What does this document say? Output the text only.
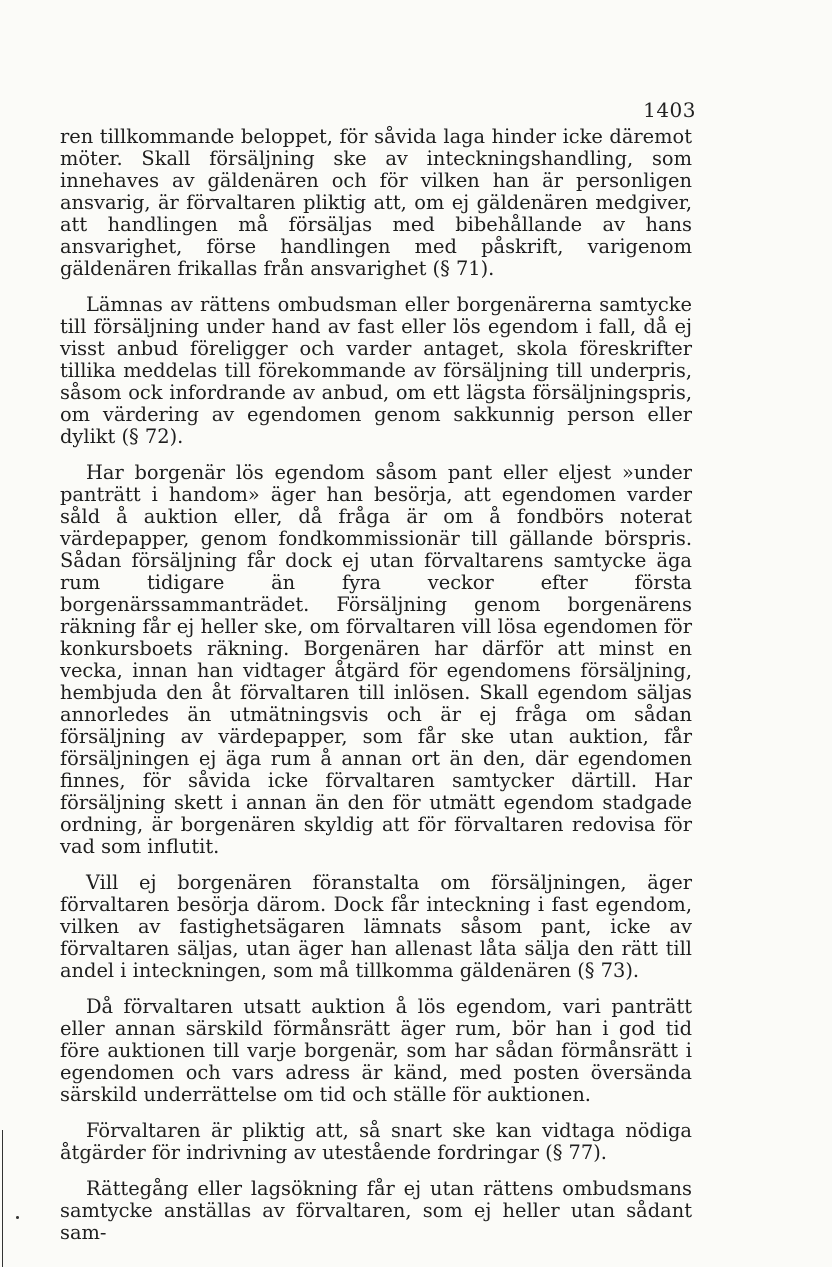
1403

ren tillkommande beloppet, för såvida laga hinder icke däremot möter. Skall försäljning ske av inteckningshandling, som innehaves av gäldenären och för vilken han är personligen ansvarig, är förvaltaren pliktig att, om ej gäldenären medgiver, att handlingen må försäljas med bibehållande av hans ansvarighet, förse handlingen med påskrift, varigenom gäldenären frikallas från ansvarighet (§ 71).

Lämnas av rättens ombudsman eller borgenärerna samtycke till försäljning under hand av fast eller lös egendom i fall, då ej visst anbud föreligger och varder antaget, skola föreskrifter tillika meddelas till förekommande av försäljning till underpris, såsom ock infordrande av anbud, om ett lägsta försäljningspris, om värdering av egendomen genom sakkunnig person eller dylikt (§ 72).

Har borgenär lös egendom såsom pant eller eljest »under panträtt i handom» äger han besörja, att egendomen varder såld å auktion eller, då fråga är om å fondbörs noterat värdepapper, genom fondkommissionär till gällande börspris. Sådan försäljning får dock ej utan förvaltarens samtycke äga rum tidigare än fyra veckor efter första borgenärssammanträdet. Försäljning genom borgenärens räkning får ej heller ske, om förvaltaren vill lösa egendomen för konkursboets räkning. Borgenären har därför att minst en vecka, innan han vidtager åtgärd för egendomens försäljning, hembjuda den åt förvaltaren till inlösen. Skall egendom säljas annorledes än utmätningsvis och är ej fråga om sådan försäljning av värdepapper, som får ske utan auktion, får försäljningen ej äga rum å annan ort än den, där egendomen finnes, för såvida icke förvaltaren samtycker därtill. Har försäljning skett i annan än den för utmätt egendom stadgade ordning, är borgenären skyldig att för förvaltaren redovisa för vad som influtit.

Vill ej borgenären föranstalta om försäljningen, äger förvaltaren besörja därom. Dock får inteckning i fast egendom, vilken av fastighetsägaren lämnats såsom pant, icke av förvaltaren säljas, utan äger han allenast låta sälja den rätt till andel i inteckningen, som må tillkomma gäldenären (§ 73).

Då förvaltaren utsatt auktion å lös egendom, vari panträtt eller annan särskild förmånsrätt äger rum, bör han i god tid före auktionen till varje borgenär, som har sådan förmånsrätt i egendomen och vars adress är känd, med posten översända särskild underrättelse om tid och ställe för auktionen.

Förvaltaren är pliktig att, så snart ske kan vidtaga nödiga åtgärder för indrivning av utestående fordringar (§ 77).

Rättegång eller lagsökning får ej utan rättens ombudsmans samtycke anställas av förvaltaren, som ej heller utan sådant sam-
